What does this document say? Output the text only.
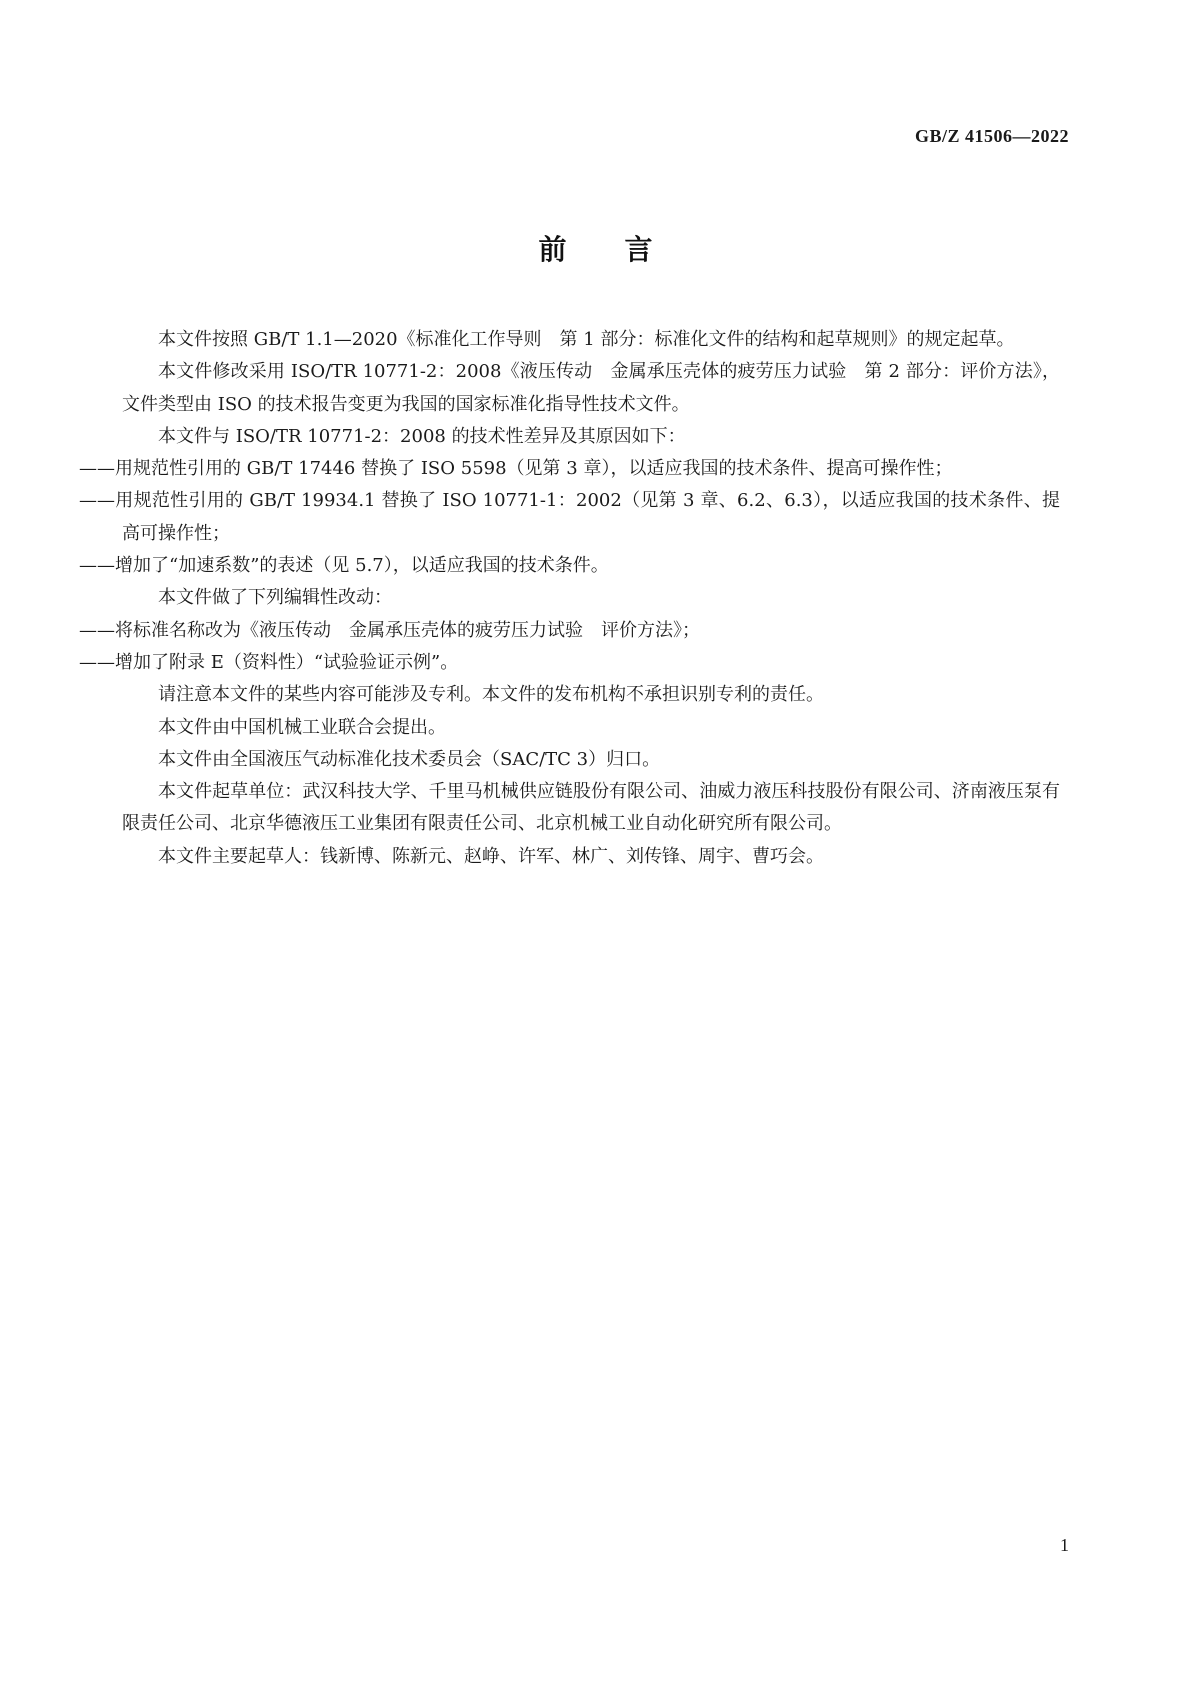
GB/Z 41506—2022
前言

本文件按照 GB/T 1.1—2020《标准化工作导则　第 1 部分：标准化文件的结构和起草规则》的规定起草。

本文件修改采用 ISO/TR 10771-2：2008《液压传动　金属承压壳体的疲劳压力试验　第 2 部分：评价方法》，文件类型由 ISO 的技术报告变更为我国的国家标准化指导性技术文件。

本文件与 ISO/TR 10771-2：2008 的技术性差异及其原因如下：

——用规范性引用的 GB/T 17446 替换了 ISO 5598（见第 3 章），以适应我国的技术条件、提高可操作性；

——用规范性引用的 GB/T 19934.1 替换了 ISO 10771-1：2002（见第 3 章、6.2、6.3），以适应我国的技术条件、提高可操作性；

——增加了“加速系数”的表述（见 5.7），以适应我国的技术条件。

本文件做了下列编辑性改动：

——将标准名称改为《液压传动　金属承压壳体的疲劳压力试验　评价方法》；

——增加了附录 E（资料性）“试验验证示例”。

请注意本文件的某些内容可能涉及专利。本文件的发布机构不承担识别专利的责任。

本文件由中国机械工业联合会提出。

本文件由全国液压气动标准化技术委员会（SAC/TC 3）归口。

本文件起草单位：武汉科技大学、千里马机械供应链股份有限公司、油威力液压科技股份有限公司、济南液压泵有限责任公司、北京华德液压工业集团有限责任公司、北京机械工业自动化研究所有限公司。

本文件主要起草人：钱新博、陈新元、赵峥、许军、林广、刘传锋、周宇、曹巧会。

1
